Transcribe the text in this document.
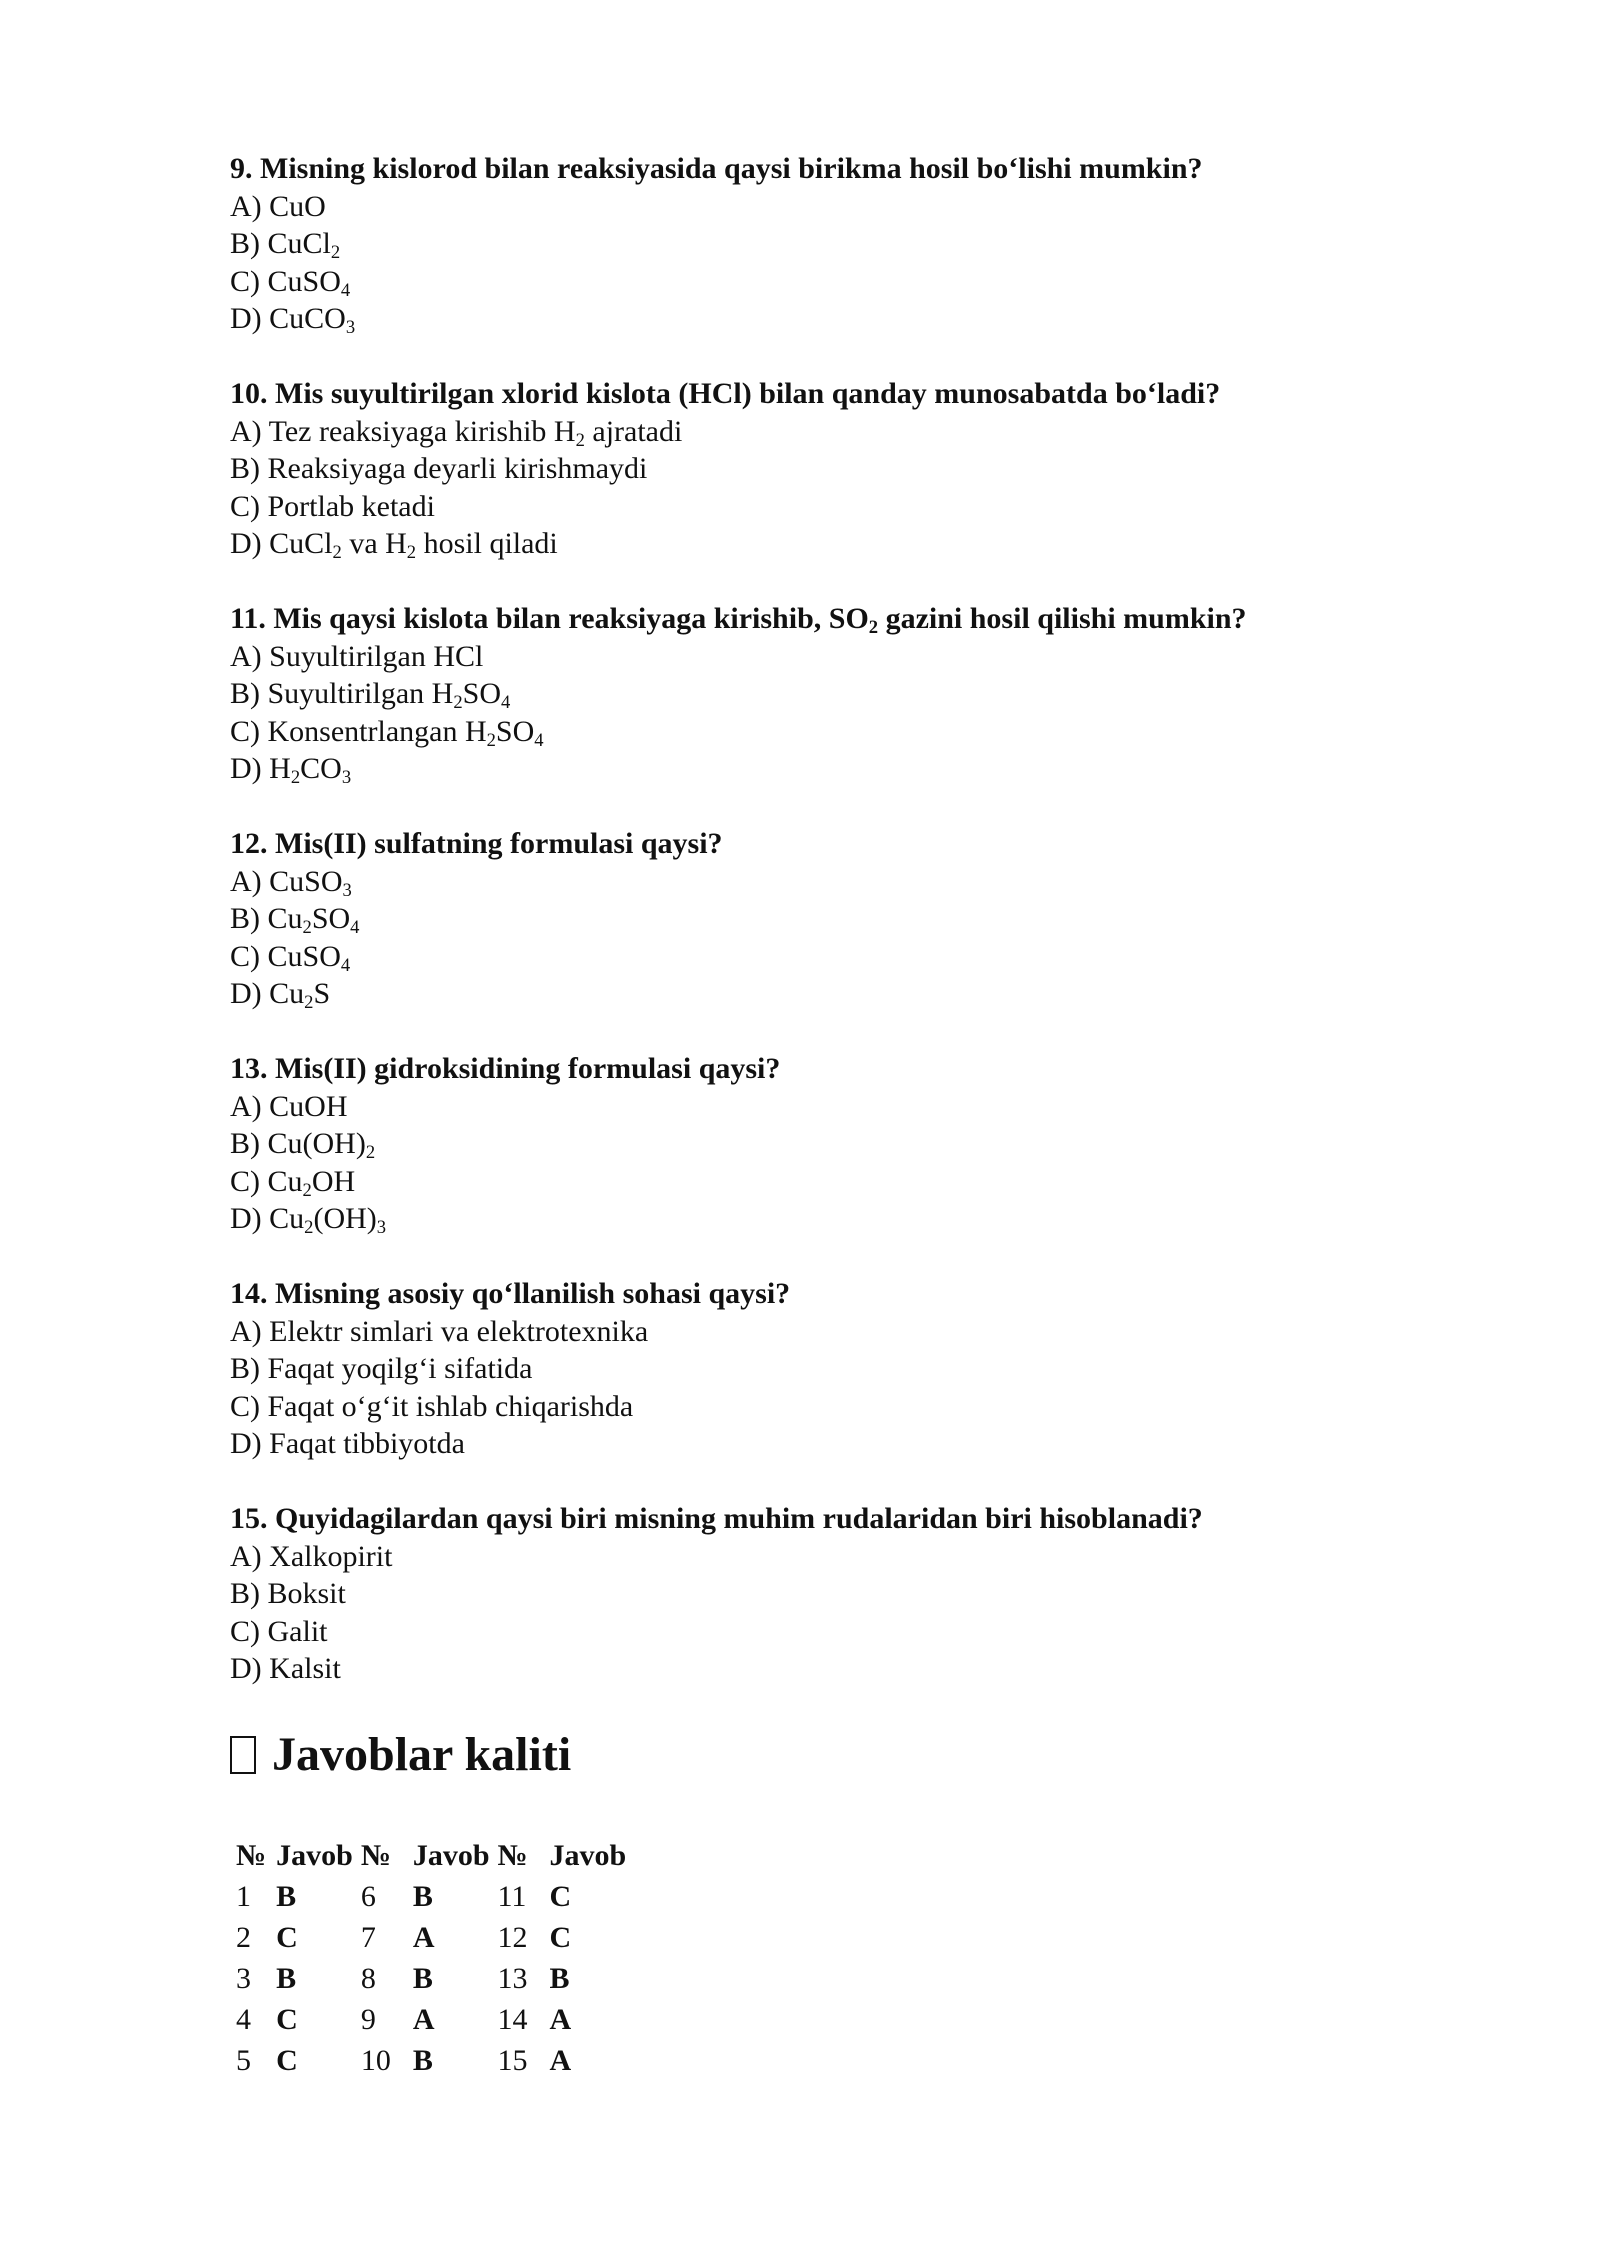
9. Misning kislorod bilan reaksiyasida qaysi birikma hosil bo‘lishi mumkin?
A) CuO
B) CuCl$_2$
C) CuSO$_4$
D) CuCO$_3$
10. Mis suyultirilgan xlorid kislota (HCl) bilan qanday munosabatda bo‘ladi?
A) Tez reaksiyaga kirishib $H_2$ ajratadi
B) Reaksiyaga deyarli kirishmaydi
C) Portlab ketadi
D) CuCl$_2$ va $H_2$ hosil qiladi
11. Mis qaysi kislota bilan reaksiyaga kirishib, $SO_2$ gazini hosil qilishi mumkin?
A) Suyultirilgan HCl
B) Suyultirilgan $H_2SO_4$
C) Konsentrlangan $H_2SO_4$
D) $H_2CO_3$
12. Mis(II) sulfatning formulasi qaysi?
A) CuSO$_3$
B) $Cu_2SO_4$
C) CuSO$_4$
D) $Cu_2S$
13. Mis(II) gidroksidining formulasi qaysi?
A) CuOH
B) $Cu(OH)_2$
C) $Cu_2OH$
D) $Cu_2(OH)_3$
14. Misning asosiy qo‘llanilish sohasi qaysi?
A) Elektr simlari va elektrotexnika
B) Faqat yoqilg‘i sifatida
C) Faqat o‘g‘it ishlab chiqarishda
D) Faqat tibbiyotda
15. Quyidagilardan qaysi biri misning muhim rudalaridan biri hisoblanadi?
A) Xalkopirit
B) Boksit
C) Galit
D) Kalsit
Javoblar kaliti
№	Javob	№	Javob	№	Javob
1	B	6	B	11	C
2	C	7	A	12	C
3	B	8	B	13	B
4	C	9	A	14	A
5	C	10	B	15	A
